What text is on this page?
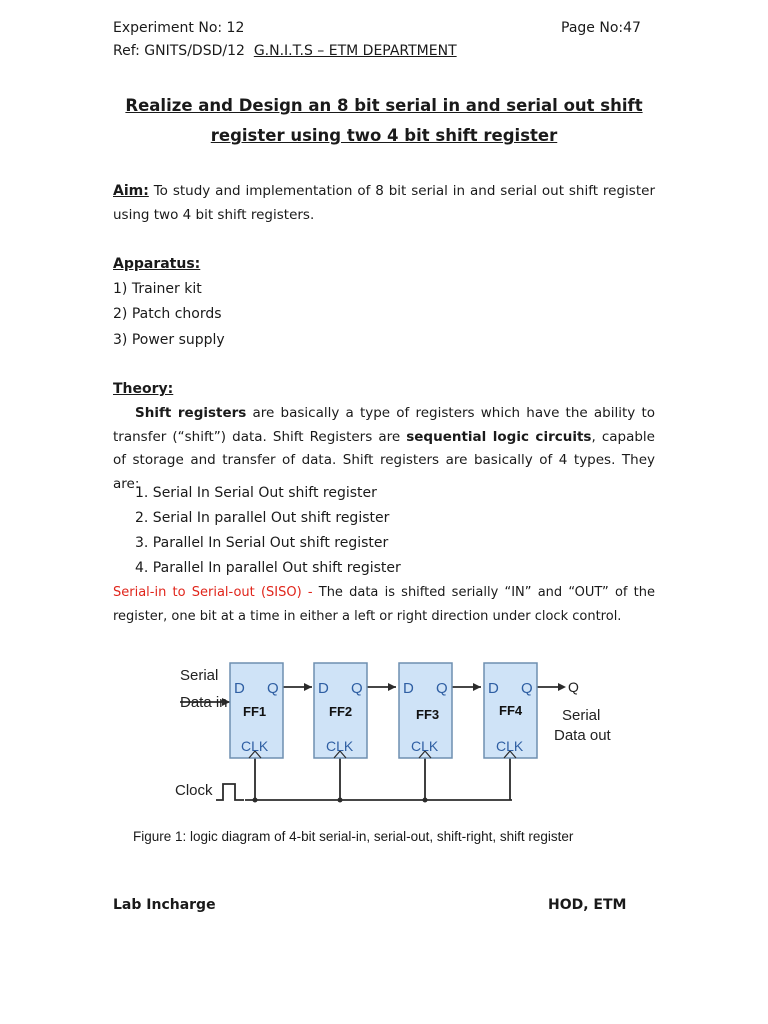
Experiment No: 12	Page No:47
Ref: GNITS/DSD/12 G.N.I.T.S – ETM DEPARTMENT
Realize and Design an 8 bit serial in and serial out shift
register using two 4 bit shift register
Aim: To study and implementation of 8 bit serial in and serial out shift register using two 4 bit shift registers.
Apparatus:
1) Trainer kit
2) Patch chords
3) Power supply
Theory:
Shift registers are basically a type of registers which have the ability to transfer (“shift”) data. Shift Registers are sequential logic circuits, capable of storage and transfer of data. Shift registers are basically of 4 types. They are:
1. Serial In Serial Out shift register
2. Serial In parallel Out shift register
3. Parallel In Serial Out shift register
4. Parallel In parallel Out shift register
Serial-in to Serial-out (SISO) - The data is shifted serially “IN” and “OUT” of the register, one bit at a time in either a left or right direction under clock control.
D Q
FF1
CLK
D Q
FF2
CLK
D Q
FF3
CLK
D Q
FF4
CLK
Serial
Data in
Clock
Q
Serial
Data out
Figure 1: logic diagram of 4-bit serial-in, serial-out, shift-right, shift register
Lab Incharge	HOD, ETM
